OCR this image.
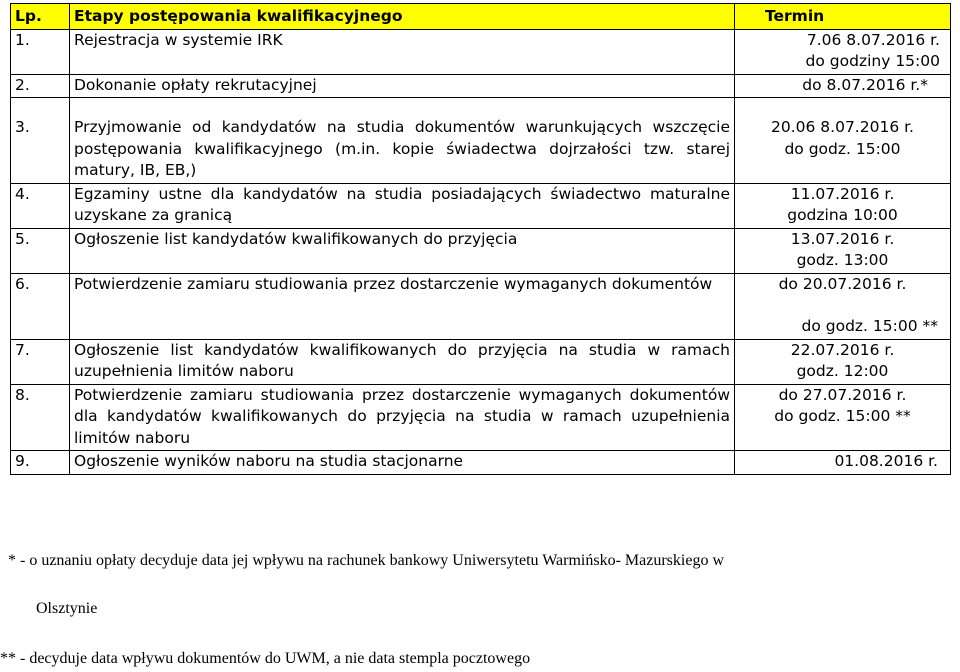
Lp.	Etapy postępowania kwalifikacyjnego	Termin
1.	Rejestracja w systemie IRK	7.06 8.07.2016 r.
do godziny 15:00

2.	Dokonanie opłaty rekrutacyjnej	do 8.07.2016 r.*

3.	Przyjmowanie od kandydatów na studia dokumentów warunkujących wszczęcie postępowania kwalifikacyjnego (m.in. kopie świadectwa dojrzałości tzw. starej matury, IB, EB,)	20.06 8.07.2016 r.
do godz. 15:00

4.	Egzaminy ustne dla kandydatów na studia posiadających świadectwo maturalne uzyskane za granicą	11.07.2016 r.
godzina 10:00

5.	Ogłoszenie list kandydatów kwalifikowanych do przyjęcia	13.07.2016 r.
godz. 13:00

6.	Potwierdzenie zamiaru studiowania przez dostarczenie wymaganych dokumentów	do 20.07.2016 r.
do godz. 15:00 **

7.	Ogłoszenie list kandydatów kwalifikowanych do przyjęcia na studia w ramach uzupełnienia limitów naboru	22.07.2016 r.
godz. 12:00

8.	Potwierdzenie zamiaru studiowania przez dostarczenie wymaganych dokumentów dla kandydatów kwalifikowanych do przyjęcia na studia w ramach uzupełnienia limitów naboru	do 27.07.2016 r.
do godz. 15:00 **

9.	Ogłoszenie wyników naboru na studia stacjonarne	01.08.2016 r.
* - o uznaniu opłaty decyduje data jej wpływu na rachunek bankowy Uniwersytetu Warmińsko- Mazurskiego w
Olsztynie
** - decyduje data wpływu dokumentów do UWM, a nie data stempla pocztowego
